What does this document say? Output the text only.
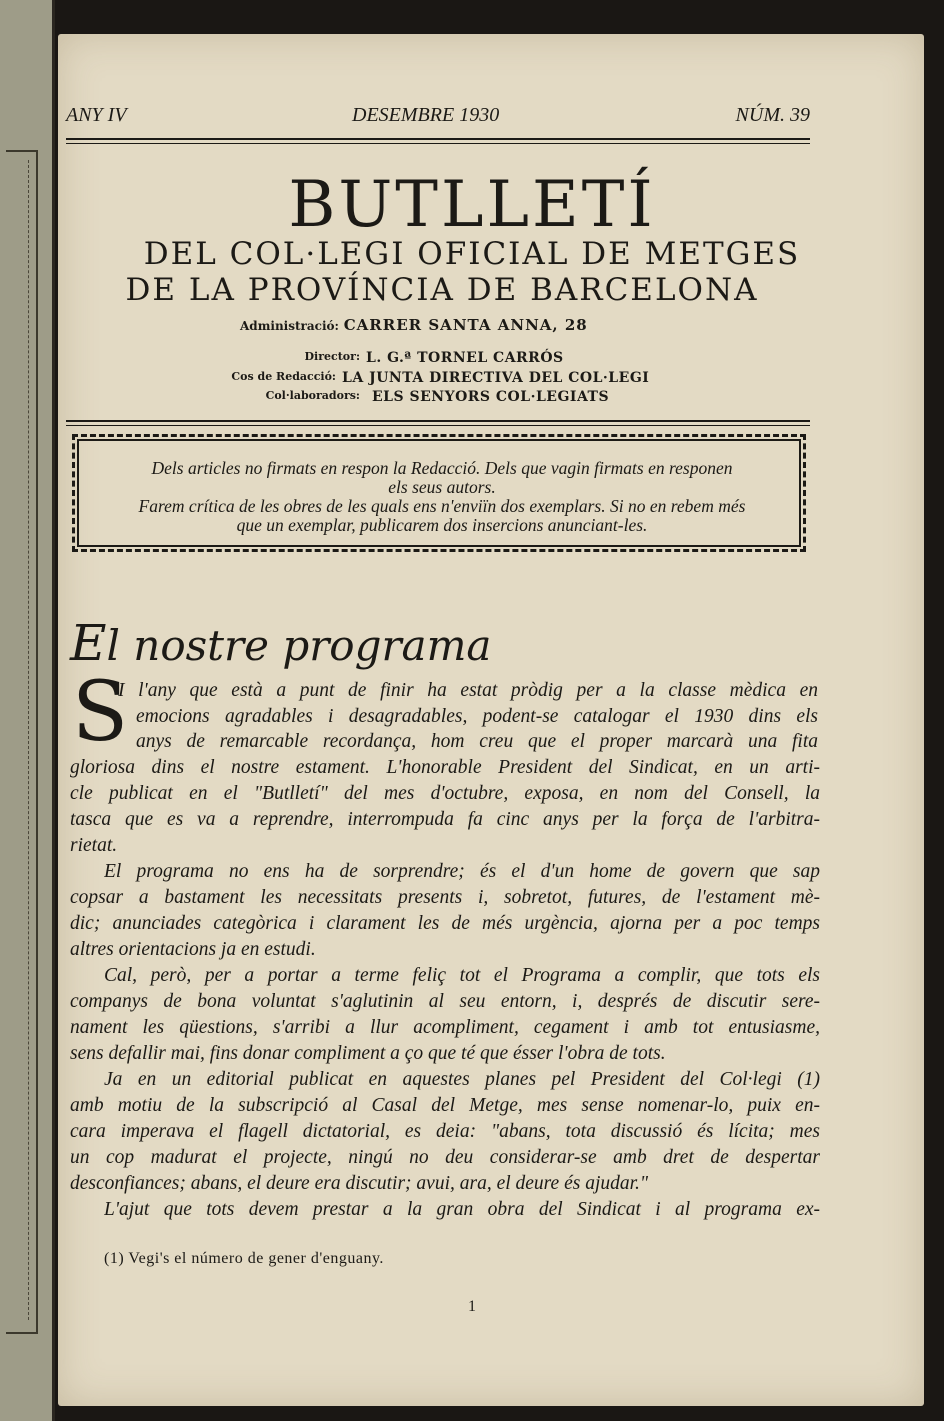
ANY IV	DESEMBRE 1930	NÚM. 39
BUTLLETÍ
DEL COL·LEGI OFICIAL DE METGES
DE LA PROVÍNCIA DE BARCELONA
Administració: CARRER SANTA ANNA, 28
Director: L. G.ª TORNEL CARRÓS
Cos de Redacció: LA JUNTA DIRECTIVA DEL COL·LEGI
Col·laboradors: ELS SENYORS COL·LEGIATS
Dels articles no firmats en respon la Redacció. Dels que vagin firmats en responen
els seus autors.
Farem crítica de les obres de les quals ens n'enviïn dos exemplars. Si no en rebem més
que un exemplar, publicarem dos insercions anunciant-les.
El nostre programa
S
I l'any que està a punt de finir ha estat pròdig per a la classe mèdica en
emocions agradables i desagradables, podent-se catalogar el 1930 dins els
anys de remarcable recordança, hom creu que el proper marcarà una fita
gloriosa dins el nostre estament. L'honorable President del Sindicat, en un arti-
cle publicat en el "Butlletí" del mes d'octubre, exposa, en nom del Consell, la
tasca que es va a reprendre, interrompuda fa cinc anys per la força de l'arbitra-
rietat.
El programa no ens ha de sorprendre; és el d'un home de govern que sap
copsar a bastament les necessitats presents i, sobretot, futures, de l'estament mè-
dic; anunciades categòrica i clarament les de més urgència, ajorna per a poc temps
altres orientacions ja en estudi.
Cal, però, per a portar a terme feliç tot el Programa a complir, que tots els
companys de bona voluntat s'aglutinin al seu entorn, i, després de discutir sere-
nament les qüestions, s'arribi a llur acompliment, cegament i amb tot entusiasme,
sens defallir mai, fins donar compliment a ço que té que ésser l'obra de tots.
Ja en un editorial publicat en aquestes planes pel President del Col·legi (1)
amb motiu de la subscripció al Casal del Metge, mes sense nomenar-lo, puix en-
cara imperava el flagell dictatorial, es deia: "abans, tota discussió és lícita; mes
un cop madurat el projecte, ningú no deu considerar-se amb dret de despertar
desconfiances; abans, el deure era discutir; avui, ara, el deure és ajudar."
L'ajut que tots devem prestar a la gran obra del Sindicat i al programa ex-
(1) Vegi's el número de gener d'enguany.
1
